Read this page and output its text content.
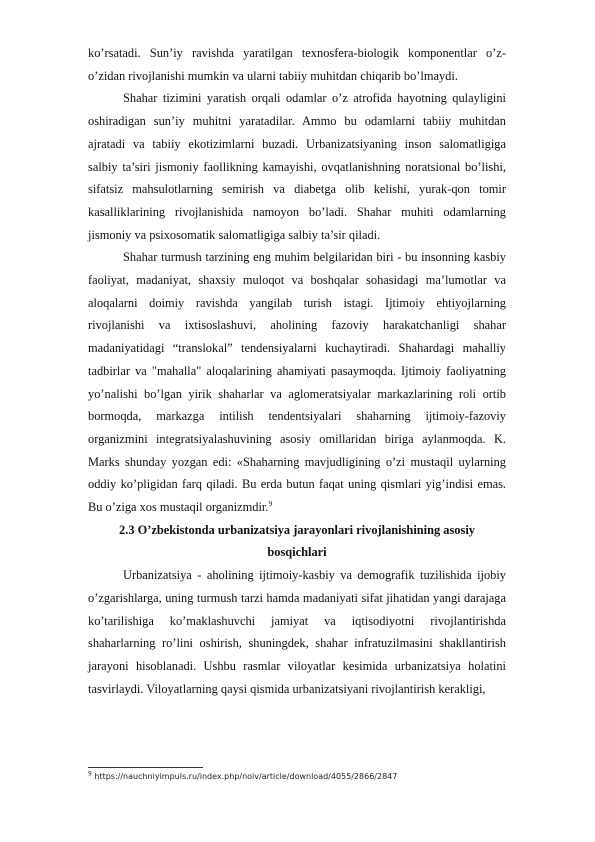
ko’rsatadi. Sun’iy ravishda yaratilgan texnosfera-biologik komponentlar o’z-o’zidan rivojlanishi mumkin va ularni tabiiy muhitdan chiqarib bo’lmaydi.

Shahar tizimini yaratish orqali odamlar o’z atrofida hayotning qulayligini oshiradigan sun’iy muhitni yaratadilar. Ammo bu odamlarni tabiiy muhitdan ajratadi va tabiiy ekotizimlarni buzadi. Urbanizatsiyaning inson salomatligiga salbiy ta’siri jismoniy faollikning kamayishi, ovqatlanishning noratsional bo’lishi, sifatsiz mahsulotlarning semirish va diabetga olib kelishi, yurak-qon tomir kasalliklarining rivojlanishida namoyon bo’ladi. Shahar muhiti odamlarning jismoniy va psixosomatik salomatligiga salbiy ta’sir qiladi.

Shahar turmush tarzining eng muhim belgilaridan biri - bu insonning kasbiy faoliyat, madaniyat, shaxsiy muloqot va boshqalar sohasidagi ma’lumotlar va aloqalarni doimiy ravishda yangilab turish istagi. Ijtimoiy ehtiyojlarning rivojlanishi va ixtisoslashuvi, aholining fazoviy harakatchanligi shahar madaniyatidagi “translokal” tendensiyalarni kuchaytiradi. Shahardagi mahalliy tadbirlar va "mahalla" aloqalarining ahamiyati pasaymoqda. Ijtimoiy faoliyatning yo’nalishi bo’lgan yirik shaharlar va aglomeratsiyalar markazlarining roli ortib bormoqda, markazga intilish tendentsiyalari shaharning ijtimoiy-fazoviy organizmini integratsiyalashuvining asosiy omillaridan biriga aylanmoqda. K. Marks shunday yozgan edi: «Shaharning mavjudligining o’zi mustaqil uylarning oddiy ko’pligidan farq qiladi. Bu erda butun faqat uning qismlari yig’indisi emas. Bu o’ziga xos mustaqil organizmdir.$^9$

2.3 O’zbekistonda urbanizatsiya jarayonlari rivojlanishining asosiy bosqichlari

Urbanizatsiya - aholining ijtimoiy-kasbiy va demografik tuzilishida ijobiy o’zgarishlarga, uning turmush tarzi hamda madaniyati sifat jihatidan yangi darajaga ko’tarilishiga ko’maklashuvchi jamiyat va iqtisodiyotni rivojlantirishda shaharlarning ro’lini oshirish, shuningdek, shahar infratuzilmasini shakllantirish jarayoni hisoblanadi. Ushbu rasmlar viloyatlar kesimida urbanizatsiya holatini tasvirlaydi. Viloyatlarning qaysi qismida urbanizatsiyani rivojlantirish kerakligi,

$^9$ https://nauchniyimpuls.ru/index.php/noiv/article/download/4055/2866/2847
